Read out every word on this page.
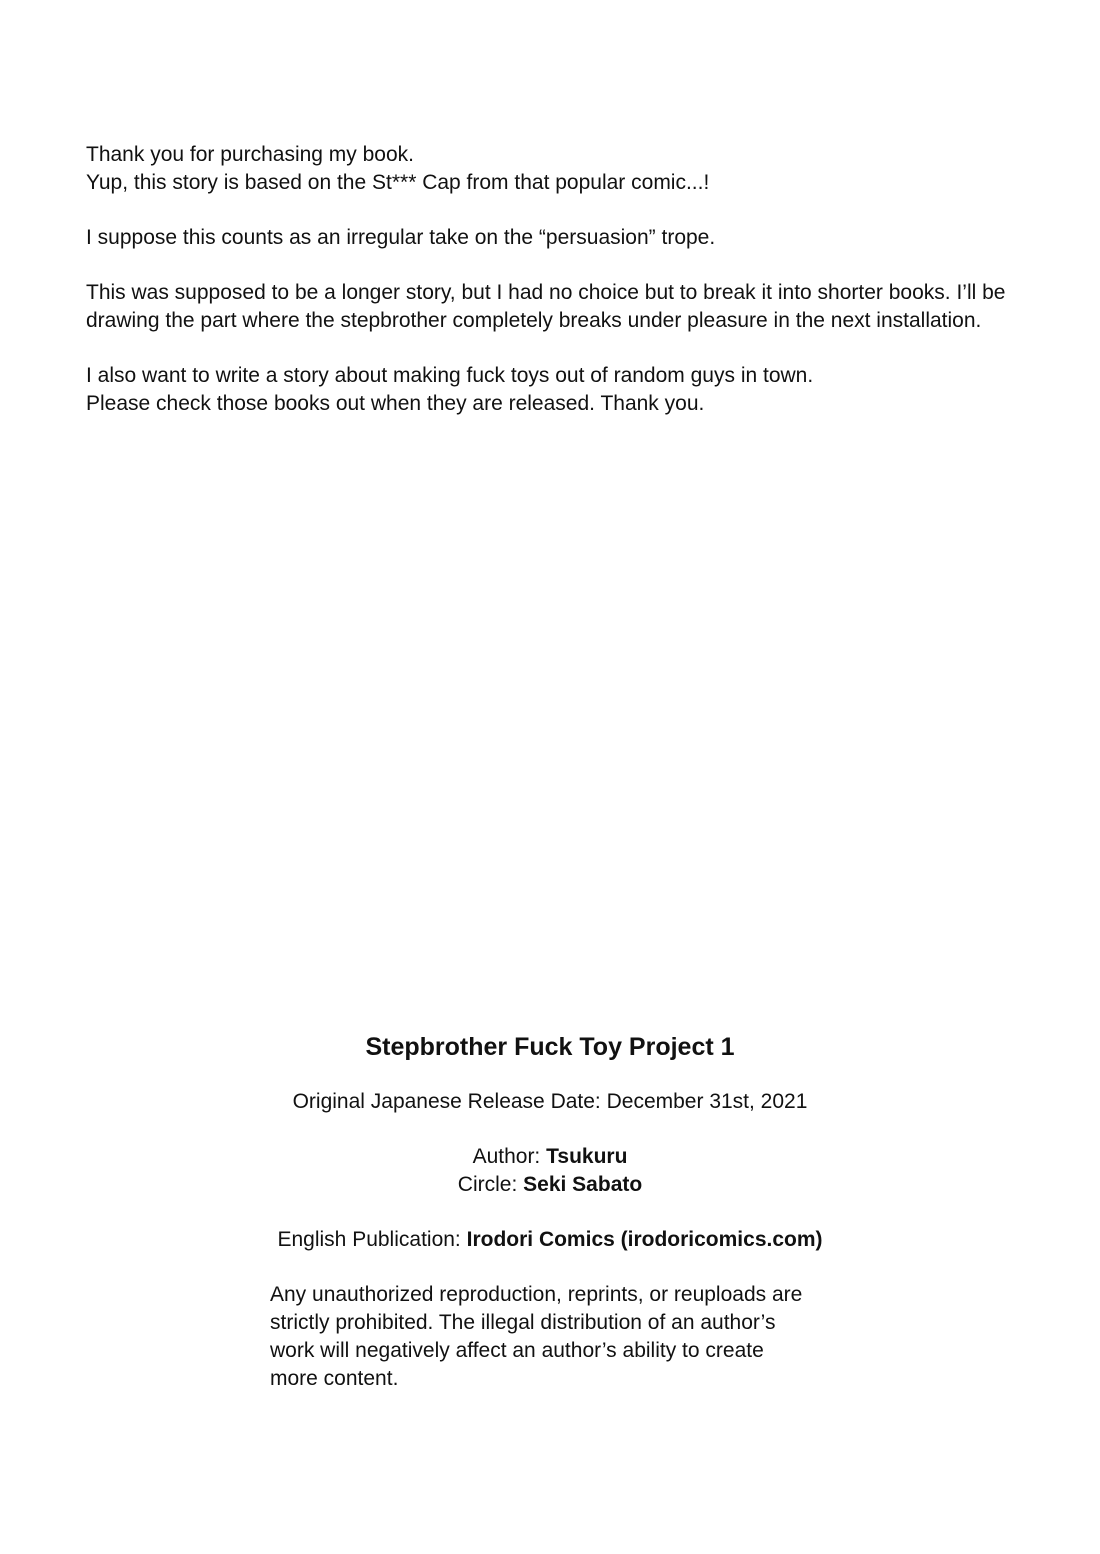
Thank you for purchasing my book.
Yup, this story is based on the St*** Cap from that popular comic...!

I suppose this counts as an irregular take on the “persuasion” trope.

This was supposed to be a longer story, but I had no choice but to break it into shorter books. I’ll be
drawing the part where the stepbrother completely breaks under pleasure in the next installation.

I also want to write a story about making fuck toys out of random guys in town.
Please check those books out when they are released. Thank you.

Stepbrother Fuck Toy Project 1
Original Japanese Release Date: December 31st, 2021
Author: Tsukuru
Circle: Seki Sabato
English Publication: Irodori Comics (irodoricomics.com)
Any unauthorized reproduction, reprints, or reuploads are
strictly prohibited. The illegal distribution of an author’s
work will negatively affect an author’s ability to create
more content.
